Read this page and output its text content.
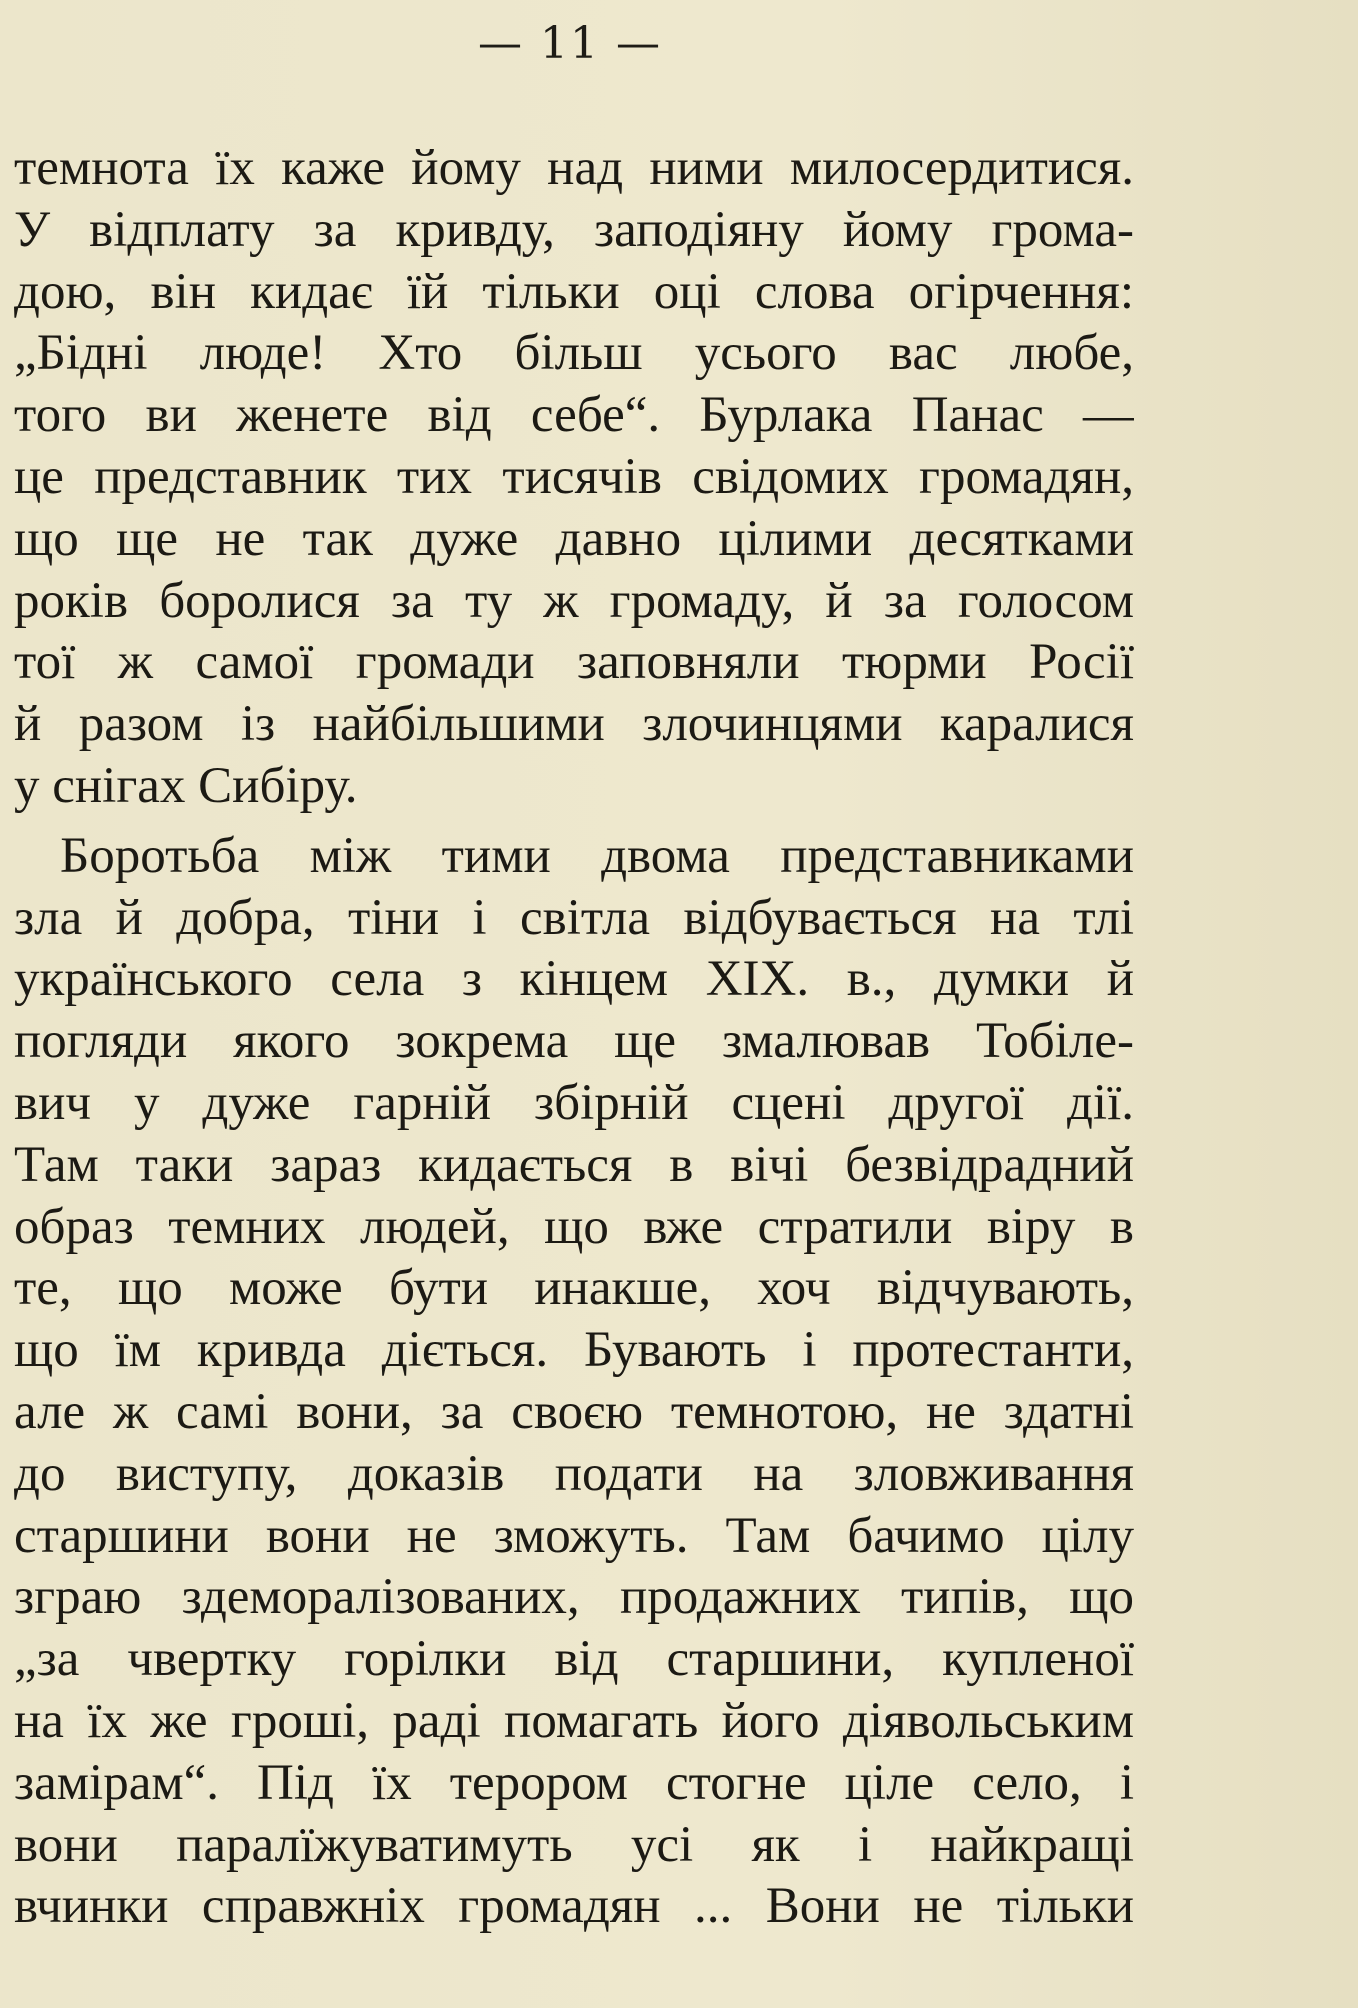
— 11 —
темнота їх каже йому над ними милосердитися.
У відплату за кривду, заподіяну йому грома-
дою, він кидає їй тільки оці слова огірчення:
„Бідні люде! Хто більш усього вас любе,
того ви женете від себе“. Бурлака Панас —
це представник тих тисячів свідомих громадян,
що ще не так дуже давно цілими десятками
років боролися за ту ж громаду, й за голосом
тої ж самої громади заповняли тюрми Росії
й разом із найбільшими злочинцями каралися
у снігах Сибіру.
Боротьба між тими двома представниками
зла й добра, тіни і світла відбувається на тлі
українського села з кінцем XIX. в., думки й
погляди якого зокрема ще змалював Тобіле-
вич у дуже гарній збірній сцені другої дії.
Там таки зараз кидається в вічі безвідрадний
образ темних людей, що вже стратили віру в
те, що може бути инакше, хоч відчувають,
що їм кривда діється. Бувають і протестанти,
але ж самі вони, за своєю темнотою, не здатні
до виступу, доказів подати на зловживання
старшини вони не зможуть. Там бачимо цілу
зграю здеморалізованих, продажних типів, що
„за чвертку горілки від старшини, купленої
на їх же гроші, раді помагать його діявольським
замірам“. Під їх терором стогне ціле село, і
вони паралїжуватимуть усі як і найкращі
вчинки справжніх громадян ... Вони не тільки
